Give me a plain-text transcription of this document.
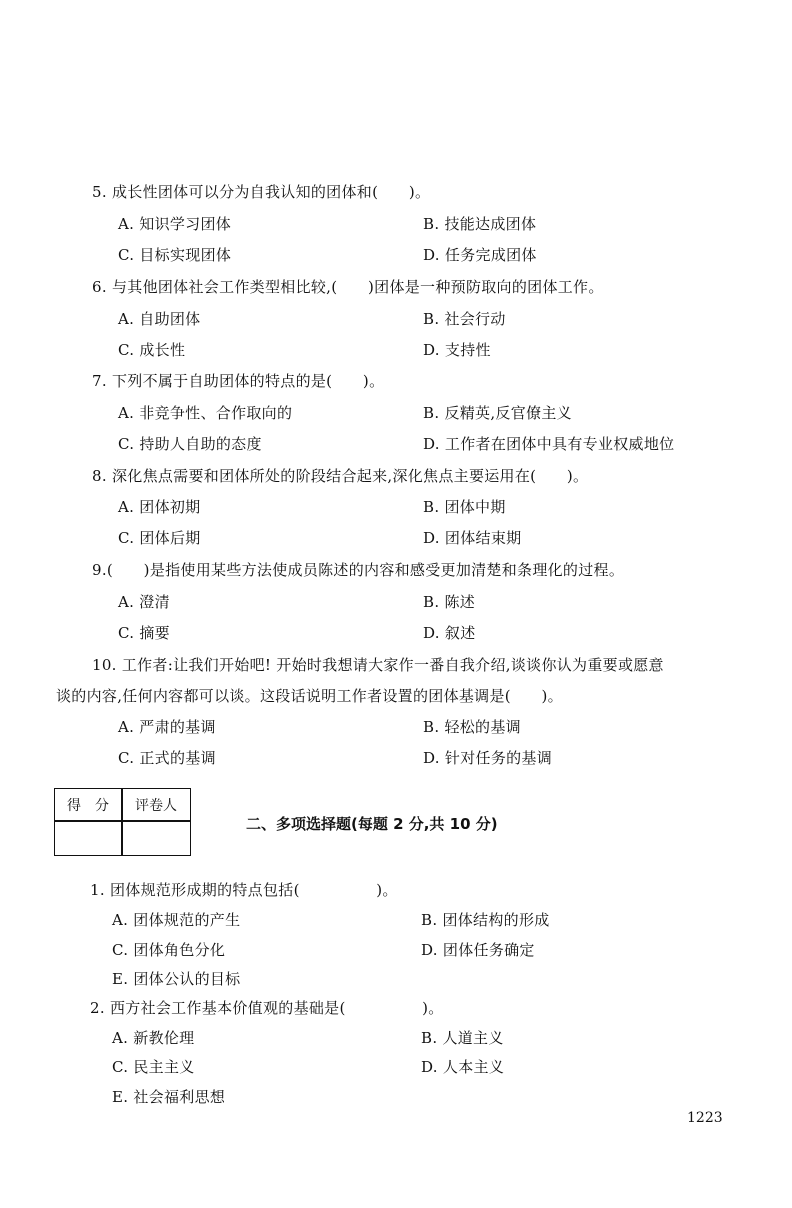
5. 成长性团体可以分为自我认知的团体和(　　)。
A. 知识学习团体	B. 技能达成团体
C. 目标实现团体	D. 任务完成团体
6. 与其他团体社会工作类型相比较,(　　)团体是一种预防取向的团体工作。
A. 自助团体	B. 社会行动
C. 成长性	D. 支持性
7. 下列不属于自助团体的特点的是(　　)。
A. 非竞争性、合作取向的	B. 反精英,反官僚主义
C. 持助人自助的态度	D. 工作者在团体中具有专业权威地位
8. 深化焦点需要和团体所处的阶段结合起来,深化焦点主要运用在(　　)。
A. 团体初期	B. 团体中期
C. 团体后期	D. 团体结束期
9.(　　)是指使用某些方法使成员陈述的内容和感受更加清楚和条理化的过程。
A. 澄清	B. 陈述
C. 摘要	D. 叙述
10. 工作者:让我们开始吧! 开始时我想请大家作一番自我介绍,谈谈你认为重要或愿意
谈的内容,任何内容都可以谈。这段话说明工作者设置的团体基调是(　　)。
A. 严肃的基调	B. 轻松的基调
C. 正式的基调	D. 针对任务的基调
得　分	评卷人
二、多项选择题(每题 2 分,共 10 分)
1. 团体规范形成期的特点包括(　　　　　)。
A. 团体规范的产生	B. 团体结构的形成
C. 团体角色分化	D. 团体任务确定
E. 团体公认的目标
2. 西方社会工作基本价值观的基础是(　　　　　)。
A. 新教伦理	B. 人道主义
C. 民主主义	D. 人本主义
E. 社会福利思想
1223
